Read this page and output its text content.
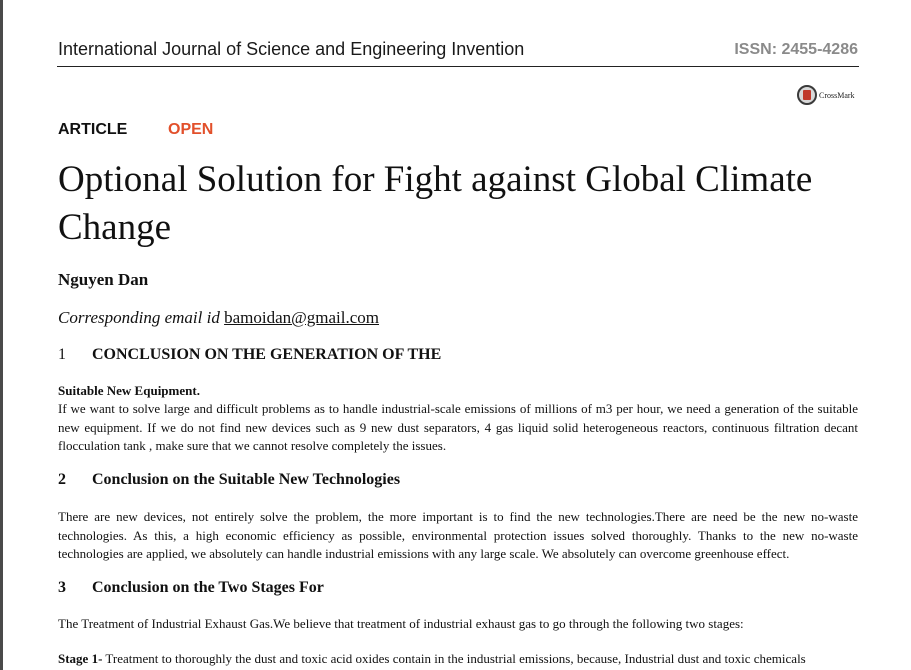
International Journal of Science and Engineering Invention	ISSN: 2455-4286
CrossMark
ARTICLE	OPEN
Optional Solution for Fight against Global Climate Change
Nguyen Dan
Corresponding email id bamoidan@gmail.com
1	CONCLUSION ON THE GENERATION OF THE
Suitable New Equipment.
If we want to solve large and difficult problems as to handle industrial-scale emissions of millions of m3 per hour, we need a generation of the suitable new equipment. If we do not find new devices such as 9 new dust separators, 4 gas liquid solid heterogeneous reactors, continuous filtration decant flocculation tank , make sure that we cannot resolve completely the issues.
2	Conclusion on the Suitable New Technologies
There are new devices, not entirely solve the problem, the more important is to find the new technologies.There are need be the new no-waste technologies. As this, a high economic efficiency as possible, environmental protection issues solved thoroughly. Thanks to the new no-waste technologies are applied, we absolutely can handle industrial emissions with any large scale. We absolutely can overcome greenhouse effect.
3	Conclusion on the Two Stages For
The Treatment of Industrial Exhaust Gas.We believe that treatment of industrial exhaust gas to go through the following two stages:
Stage 1- Treatment to thoroughly the dust and toxic acid oxides contain in the industrial emissions, because, Industrial dust and toxic chemicals
